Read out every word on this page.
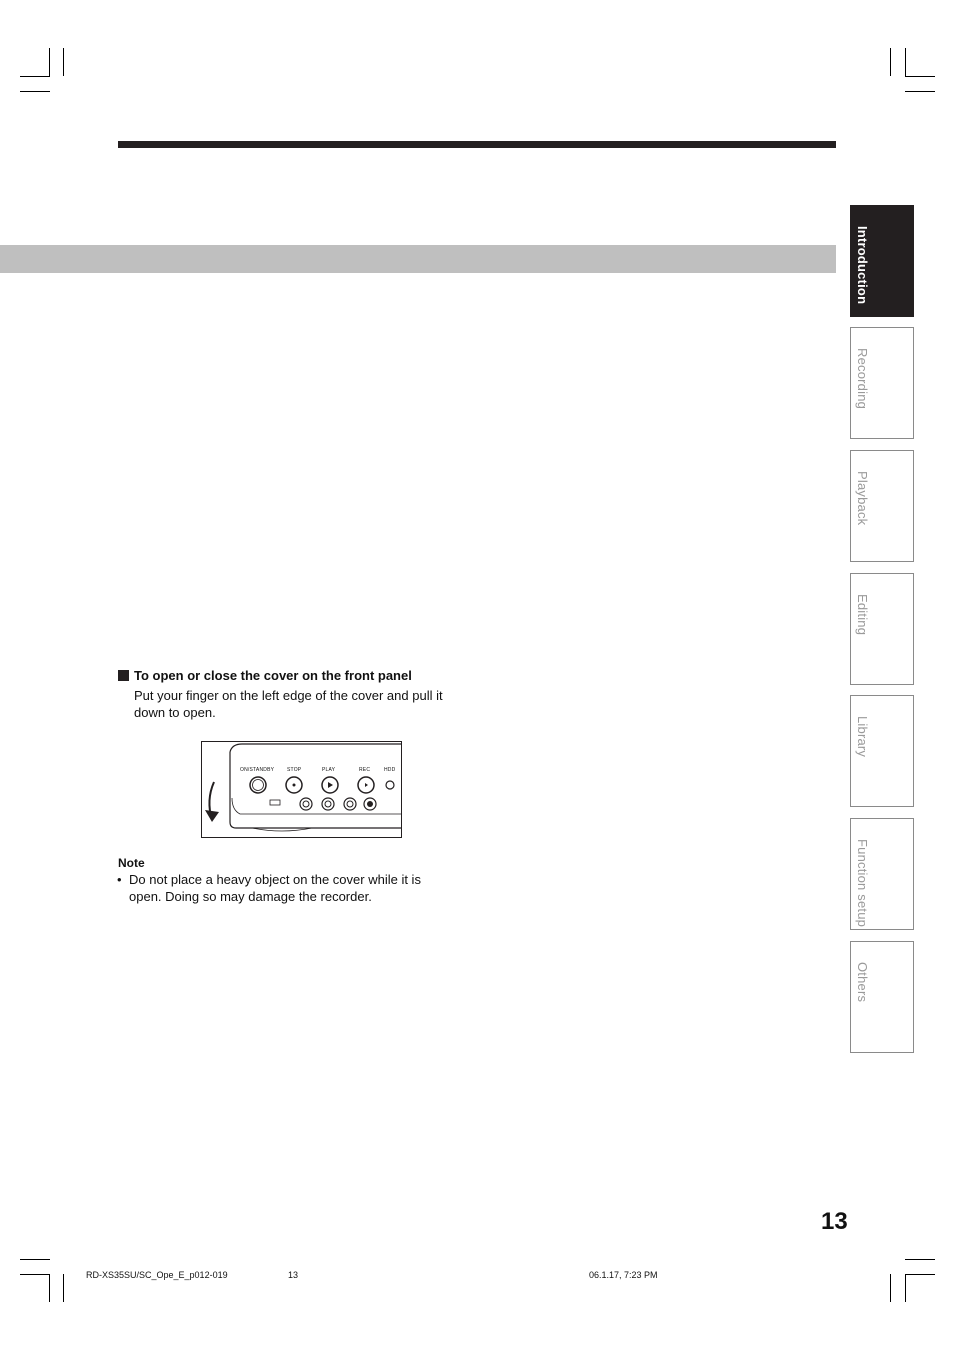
Introduction
Recording
Playback
Editing
Library
Function setup
Others
To open or close the cover on the front panel
Put your finger on the left edge of the cover and pull it down to open.
ON/STANDBY	STOP	PLAY	REC	HDD
Note
• Do not place a heavy object on the cover while it is open. Doing so may damage the recorder.
13
RD-XS35SU/SC_Ope_E_p012-019	13	06.1.17, 7:23 PM
